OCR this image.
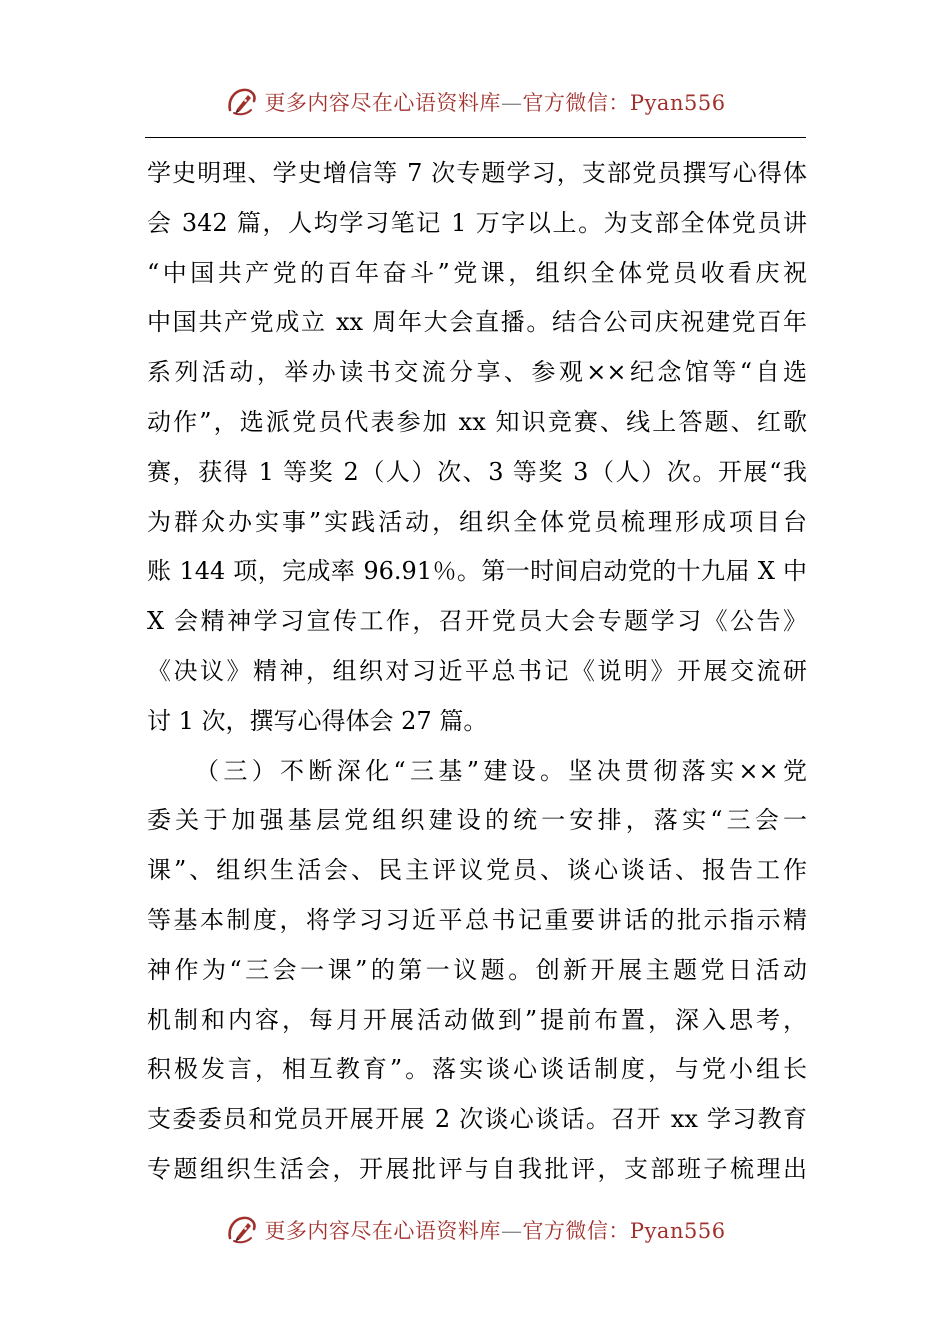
更多内容尽在心语资料库—官方微信：Pyan556
学史明理、学史增信等 7 次专题学习，支部党员撰写心得体
会 342 篇，人均学习笔记 1 万字以上。为支部全体党员讲
“中国共产党的百年奋斗”党课，组织全体党员收看庆祝
中国共产党成立 xx 周年大会直播。结合公司庆祝建党百年
系列活动，举办读书交流分享、参观××纪念馆等“自选
动作”，选派党员代表参加 xx 知识竞赛、线上答题、红歌
赛，获得 1 等奖 2（人）次、3 等奖 3（人）次。开展“我
为群众办实事”实践活动，组织全体党员梳理形成项目台
账 144 项，完成率 96.91％。第一时间启动党的十九届 X 中
X 会精神学习宣传工作，召开党员大会专题学习《公告》
《决议》精神，组织对习近平总书记《说明》开展交流研
讨 1 次，撰写心得体会 27 篇。
（三）不断深化“三基”建设。坚决贯彻落实××党
委关于加强基层党组织建设的统一安排，落实“三会一
课”、组织生活会、民主评议党员、谈心谈话、报告工作
等基本制度，将学习习近平总书记重要讲话的批示指示精
神作为“三会一课”的第一议题。创新开展主题党日活动
机制和内容，每月开展活动做到”提前布置，深入思考，
积极发言，相互教育”。落实谈心谈话制度，与党小组长
支委委员和党员开展开展 2 次谈心谈话。召开 xx 学习教育
专题组织生活会，开展批评与自我批评，支部班子梳理出
更多内容尽在心语资料库—官方微信：Pyan556
